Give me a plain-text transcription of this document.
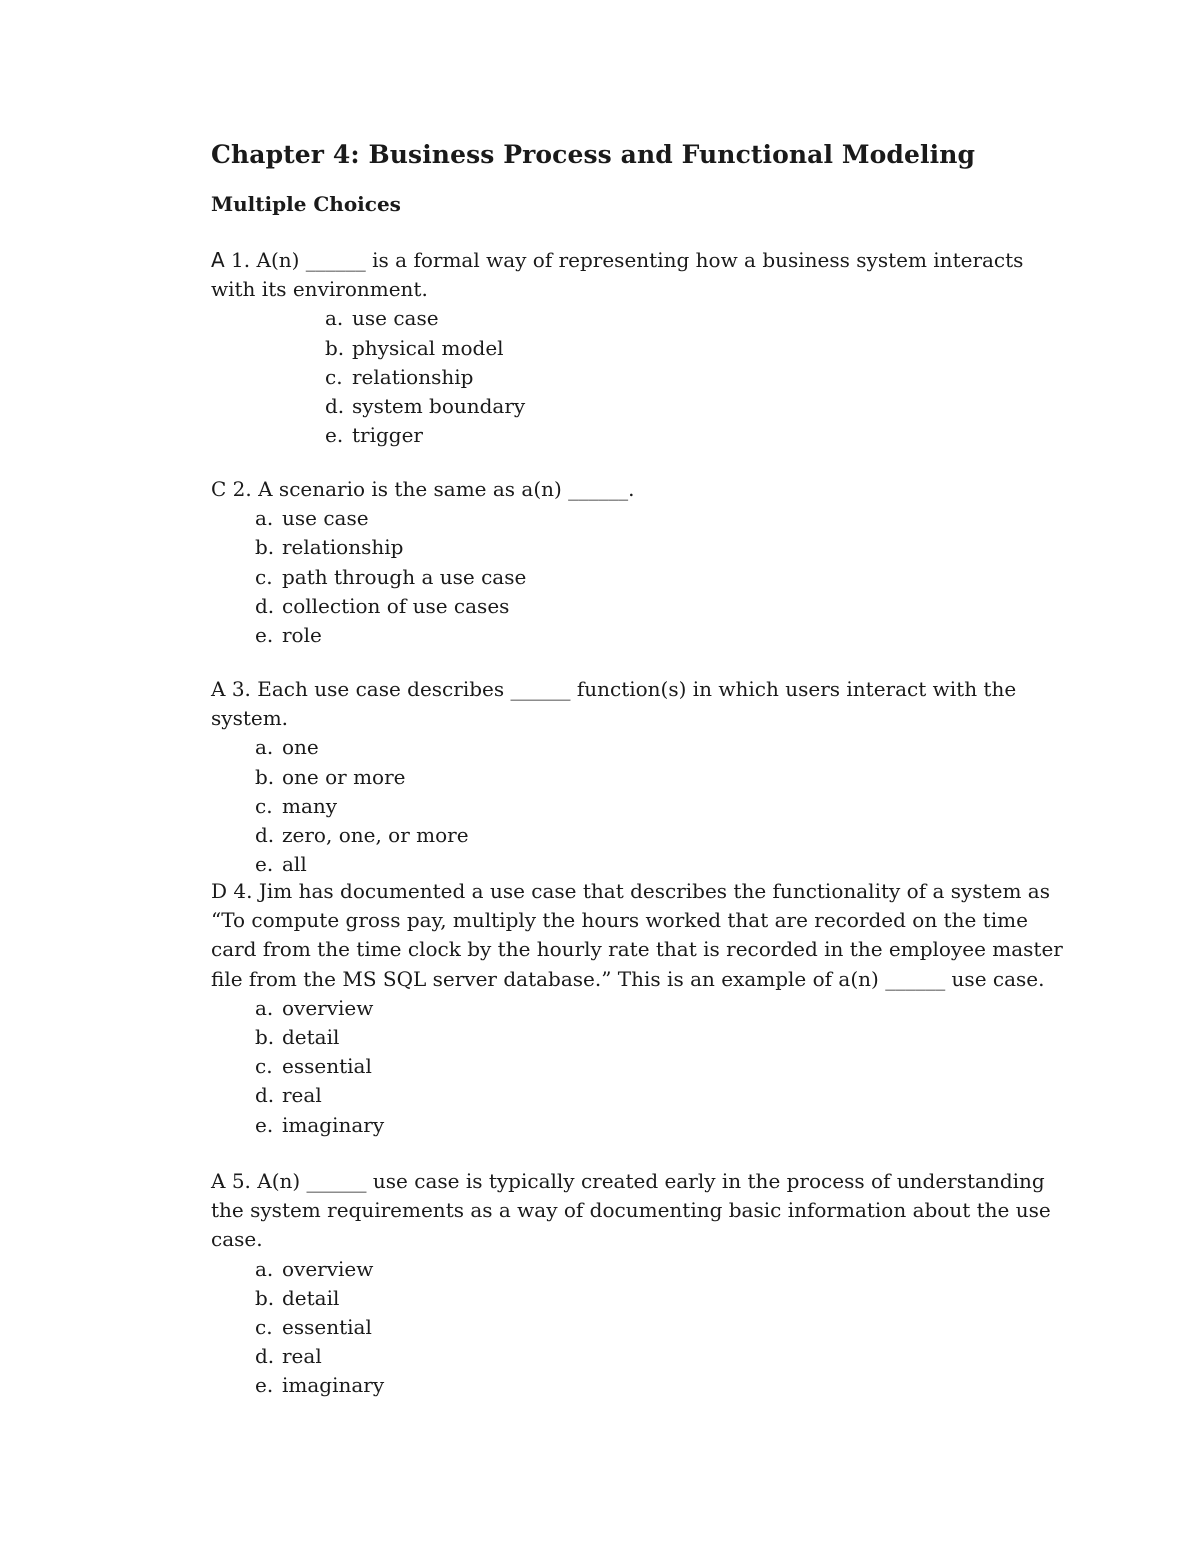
Chapter 4: Business Process and Functional Modeling
Multiple Choices

A 1. A(n) ______ is a formal way of representing how a business system interacts with its environment.

a. use case
b. physical model
c. relationship
d. system boundary
e. trigger

C 2. A scenario is the same as a(n) ______.

a. use case
b. relationship
c. path through a use case
d. collection of use cases
e. role

A 3. Each use case describes ______ function(s) in which users interact with the system.

a. one
b. one or more
c. many
d. zero, one, or more
e. all

D 4. Jim has documented a use case that describes the functionality of a system as “To compute gross pay, multiply the hours worked that are recorded on the time card from the time clock by the hourly rate that is recorded in the employee master file from the MS SQL server database.” This is an example of a(n) ______ use case.

a. overview
b. detail
c. essential
d. real
e. imaginary

A 5. A(n) ______ use case is typically created early in the process of understanding the system requirements as a way of documenting basic information about the use case.

a. overview
b. detail
c. essential
d. real
e. imaginary
